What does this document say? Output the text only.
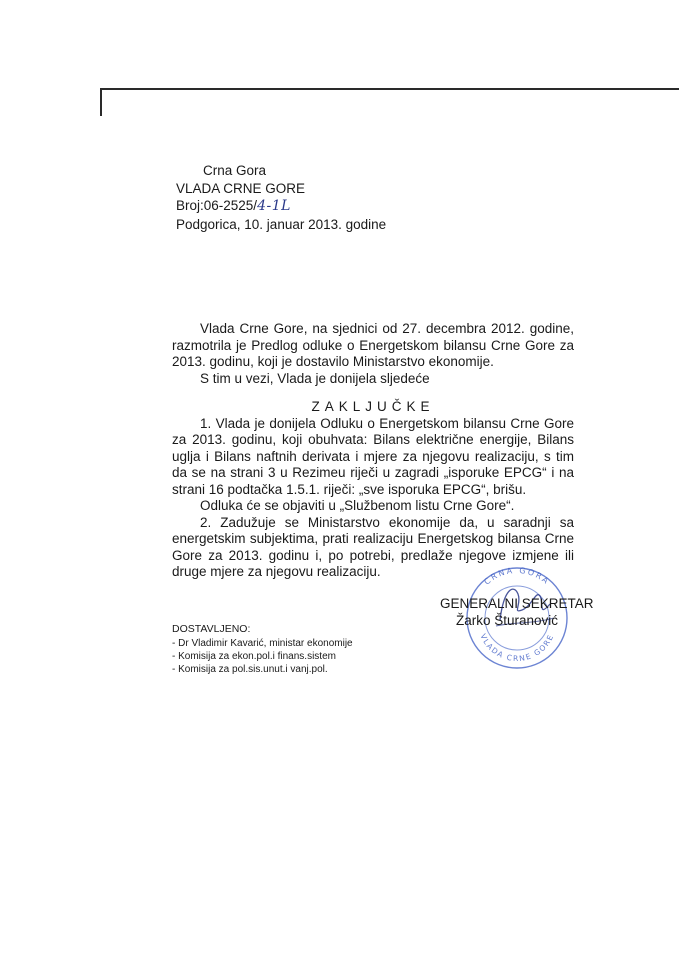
Crna Gora
VLADA CRNE GORE
Broj:06-2525/4-1L
Podgorica, 10. januar 2013. godine

Vlada Crne Gore, na sjednici od 27. decembra 2012. godine, razmotrila je Predlog odluke o Energetskom bilansu Crne Gore za 2013. godinu, koji je dostavilo Ministarstvo ekonomije.

S tim u vezi, Vlada je donijela sljedeće

ZAKLJUČKE

1. Vlada je donijela Odluku o Energetskom bilansu Crne Gore za 2013. godinu, koji obuhvata: Bilans električne energije, Bilans uglja i Bilans naftnih derivata i mjere za njegovu realizaciju, s tim da se na strani 3 u Rezimeu riječi u zagradi „isporuke EPCG“ i na strani 16 podtačka 1.5.1. riječi: „sve isporuka EPCG“, brišu.

Odluka će se objaviti u „Službenom listu Crne Gore“.

2. Zadužuje se Ministarstvo ekonomije da, u saradnji sa energetskim subjektima, prati realizaciju Energetskog bilansa Crne Gore za 2013. godinu i, po potrebi, predlaže njegove izmjene ili druge mjere za njegovu realizaciju.

CRNA GORA
VLADA CRNE GORE
GENERALNI SEKRETAR
Žarko Šturanović
DOSTAVLJENO:
- Dr Vladimir Kavarić, ministar ekonomije
- Komisija za ekon.pol.i finans.sistem
- Komisija za pol.sis.unut.i vanj.pol.
